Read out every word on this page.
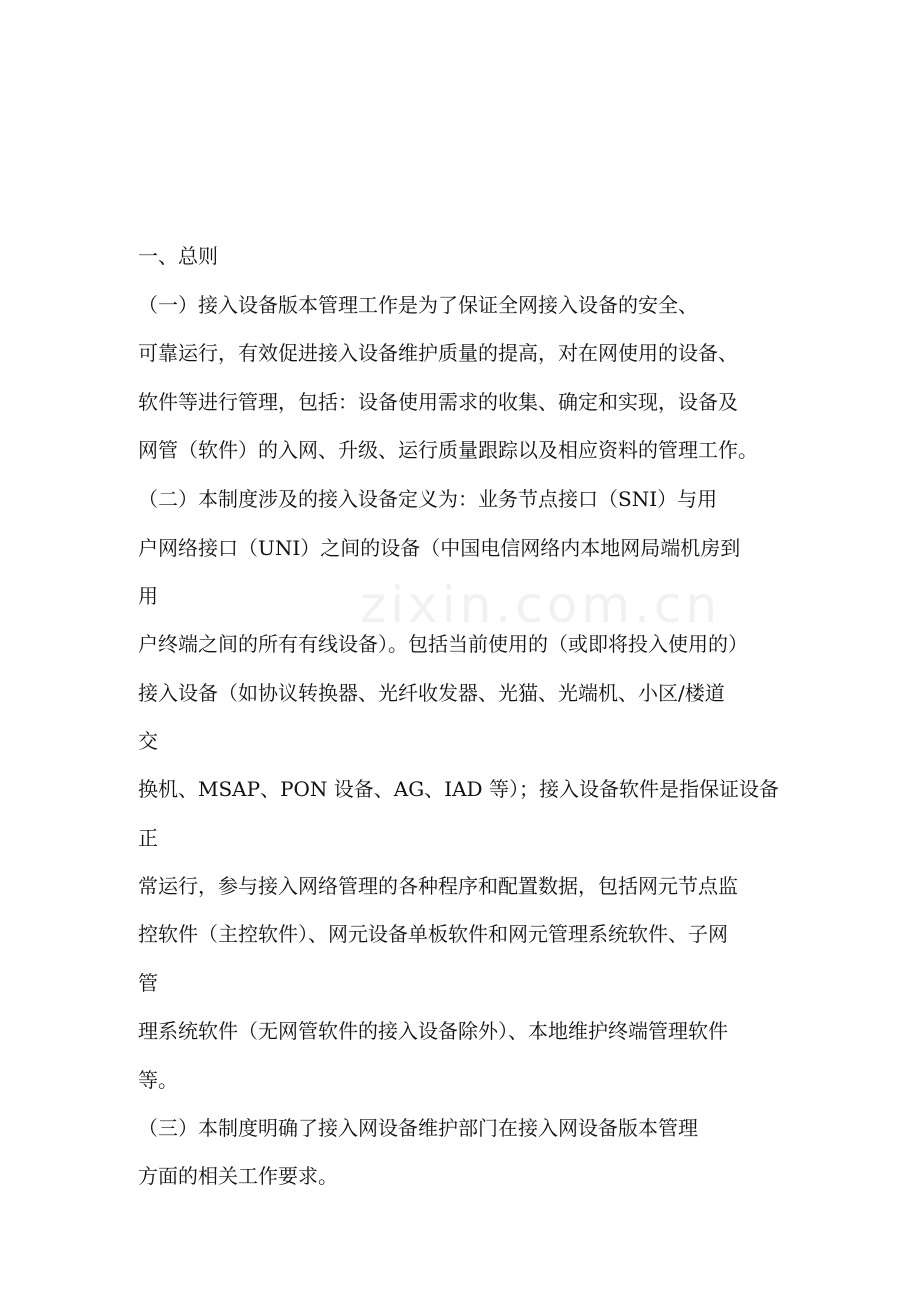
zixin.com.cn
一、总则
（一）接入设备版本管理工作是为了保证全网接入设备的安全、
可靠运行，有效促进接入设备维护质量的提高，对在网使用的设备、
软件等进行管理，包括：设备使用需求的收集、确定和实现，设备及
网管（软件）的入网、升级、运行质量跟踪以及相应资料的管理工作。
（二）本制度涉及的接入设备定义为：业务节点接口（SNI）与用
户网络接口（UNI）之间的设备（中国电信网络内本地网局端机房到
用
户终端之间的所有有线设备）。包括当前使用的（或即将投入使用的）
接入设备（如协议转换器、光纤收发器、光猫、光端机、小区/楼道
交
换机、MSAP、PON 设备、AG、IAD 等）；接入设备软件是指保证设备
正
常运行，参与接入网络管理的各种程序和配置数据，包括网元节点监
控软件（主控软件）、网元设备单板软件和网元管理系统软件、子网
管
理系统软件（无网管软件的接入设备除外）、本地维护终端管理软件
等。
（三）本制度明确了接入网设备维护部门在接入网设备版本管理
方面的相关工作要求。
